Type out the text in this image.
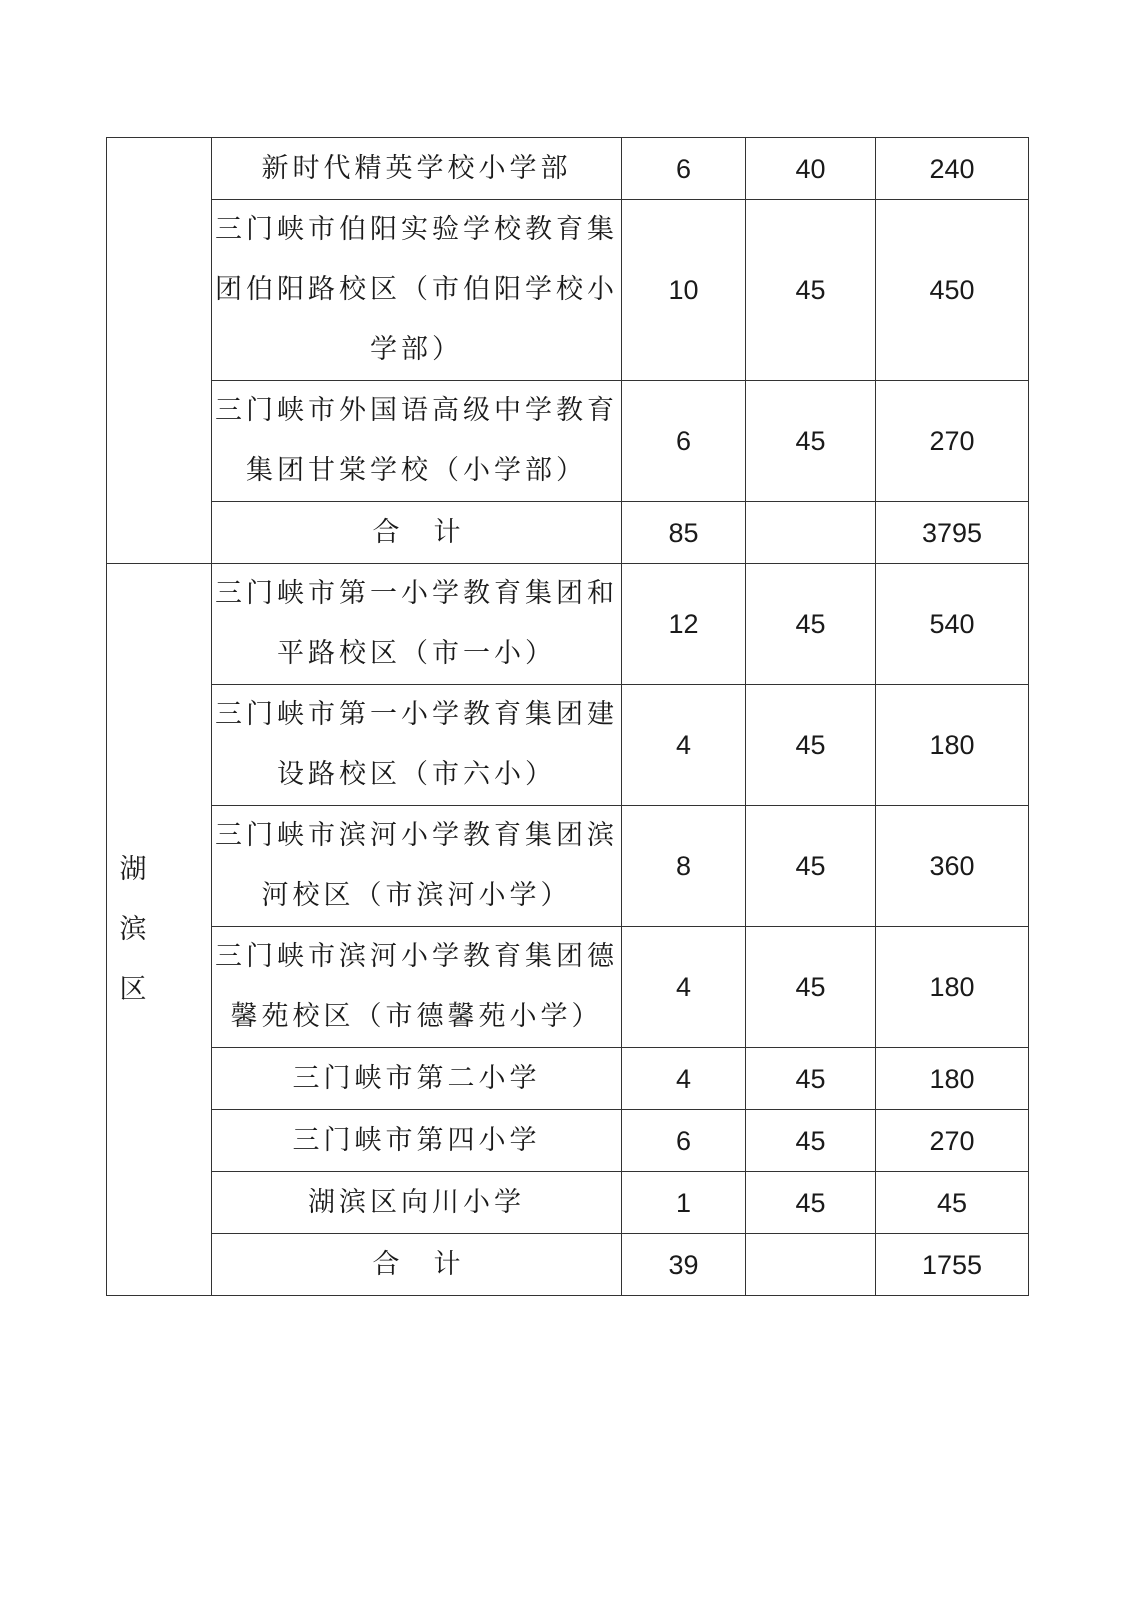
	新时代精英学校小学部	6	40	240
	三门峡市伯阳实验学校教育集团伯阳路校区（市伯阳学校小学部）	10	45	450
	三门峡市外国语高级中学教育集团甘棠学校（小学部）	6	45	270
	合计	85		3795

湖滨区	三门峡市第一小学教育集团和平路校区（市一小）	12	45	540
	三门峡市第一小学教育集团建设路校区（市六小）	4	45	180
	三门峡市滨河小学教育集团滨河校区（市滨河小学）	8	45	360
	三门峡市滨河小学教育集团德馨苑校区（市德馨苑小学）	4	45	180
	三门峡市第二小学	4	45	180
	三门峡市第四小学	6	45	270
	湖滨区向川小学	1	45	45
	合计	39		1755
